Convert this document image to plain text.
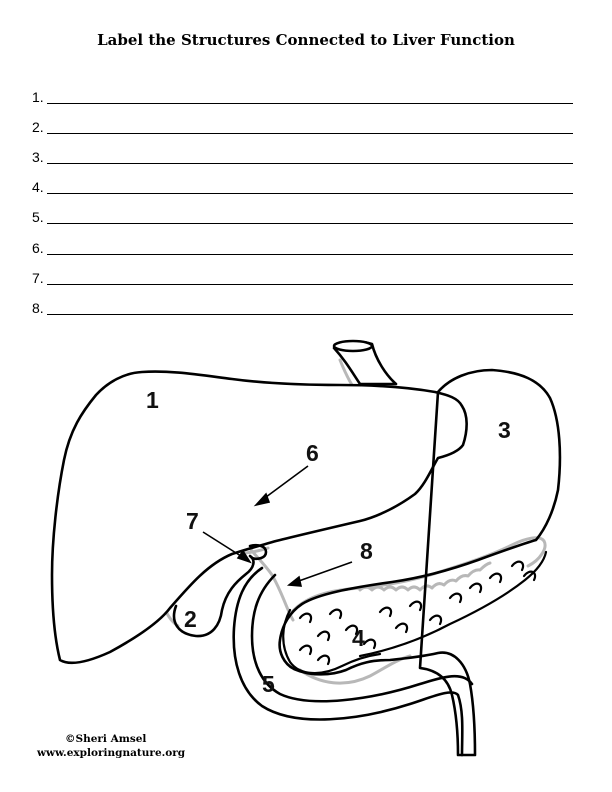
Label the Structures Connected to Liver Function
1.
2.
3.
4.
5.
6.
7.
8.
1
2
3
4
5
6
7
8
©Sheri Amsel
www.exploringnature.org
